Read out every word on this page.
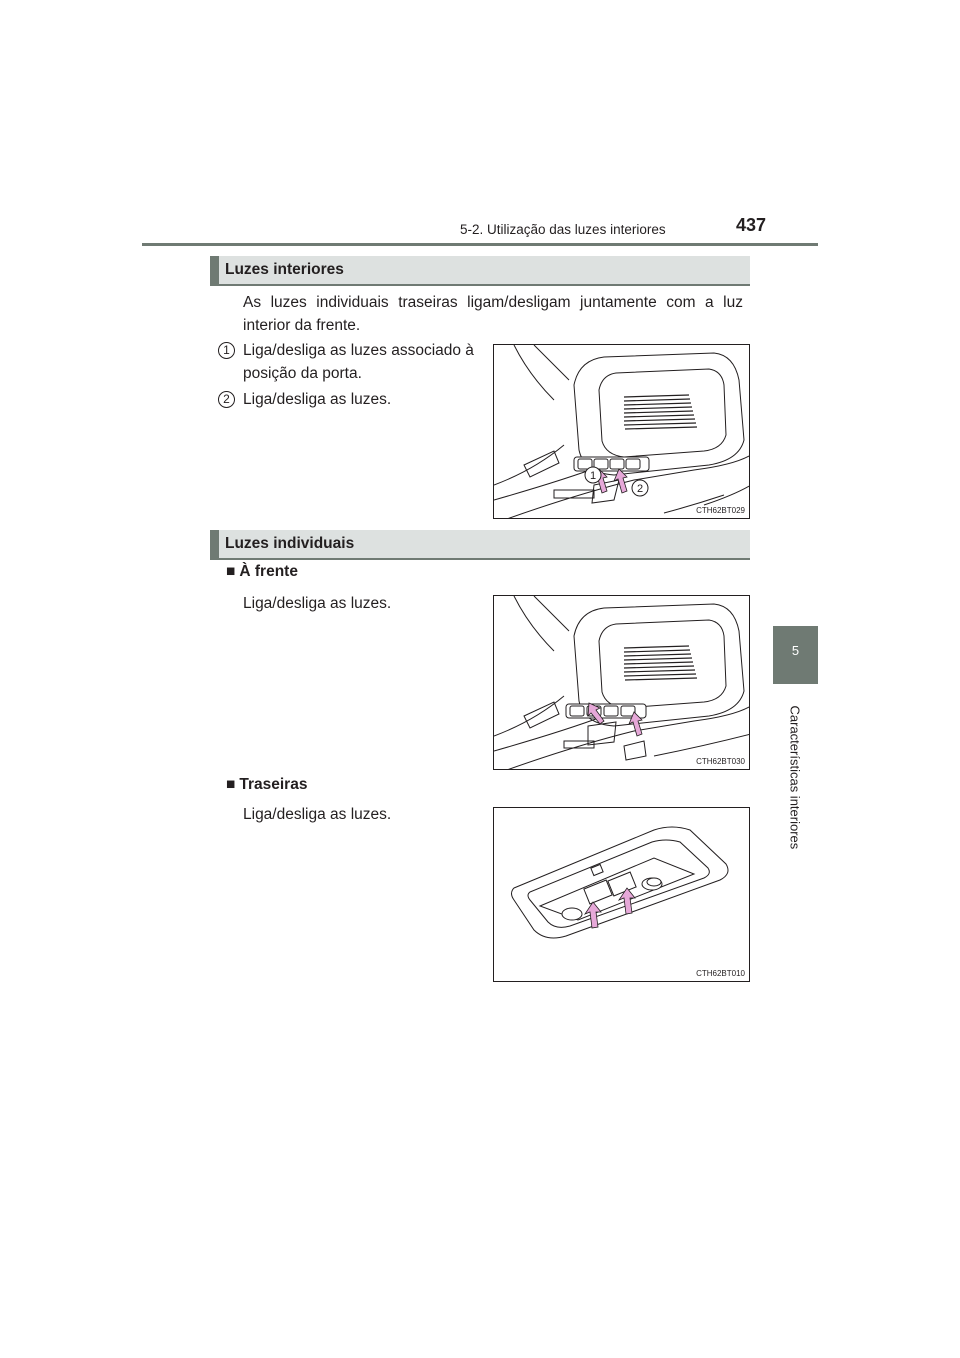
5-2. Utilização das luzes interiores	437
5
Características interiores
Luzes interiores
As luzes individuais traseiras ligam/desligam juntamente com a luz interior da frente.
1 Liga/desliga as luzes associado à posição da porta.
2 Liga/desliga as luzes.
1
2
CTH62BT029
Luzes individuais
■ À frente
Liga/desliga as luzes.
CTH62BT030
■ Traseiras
Liga/desliga as luzes.
CTH62BT010
